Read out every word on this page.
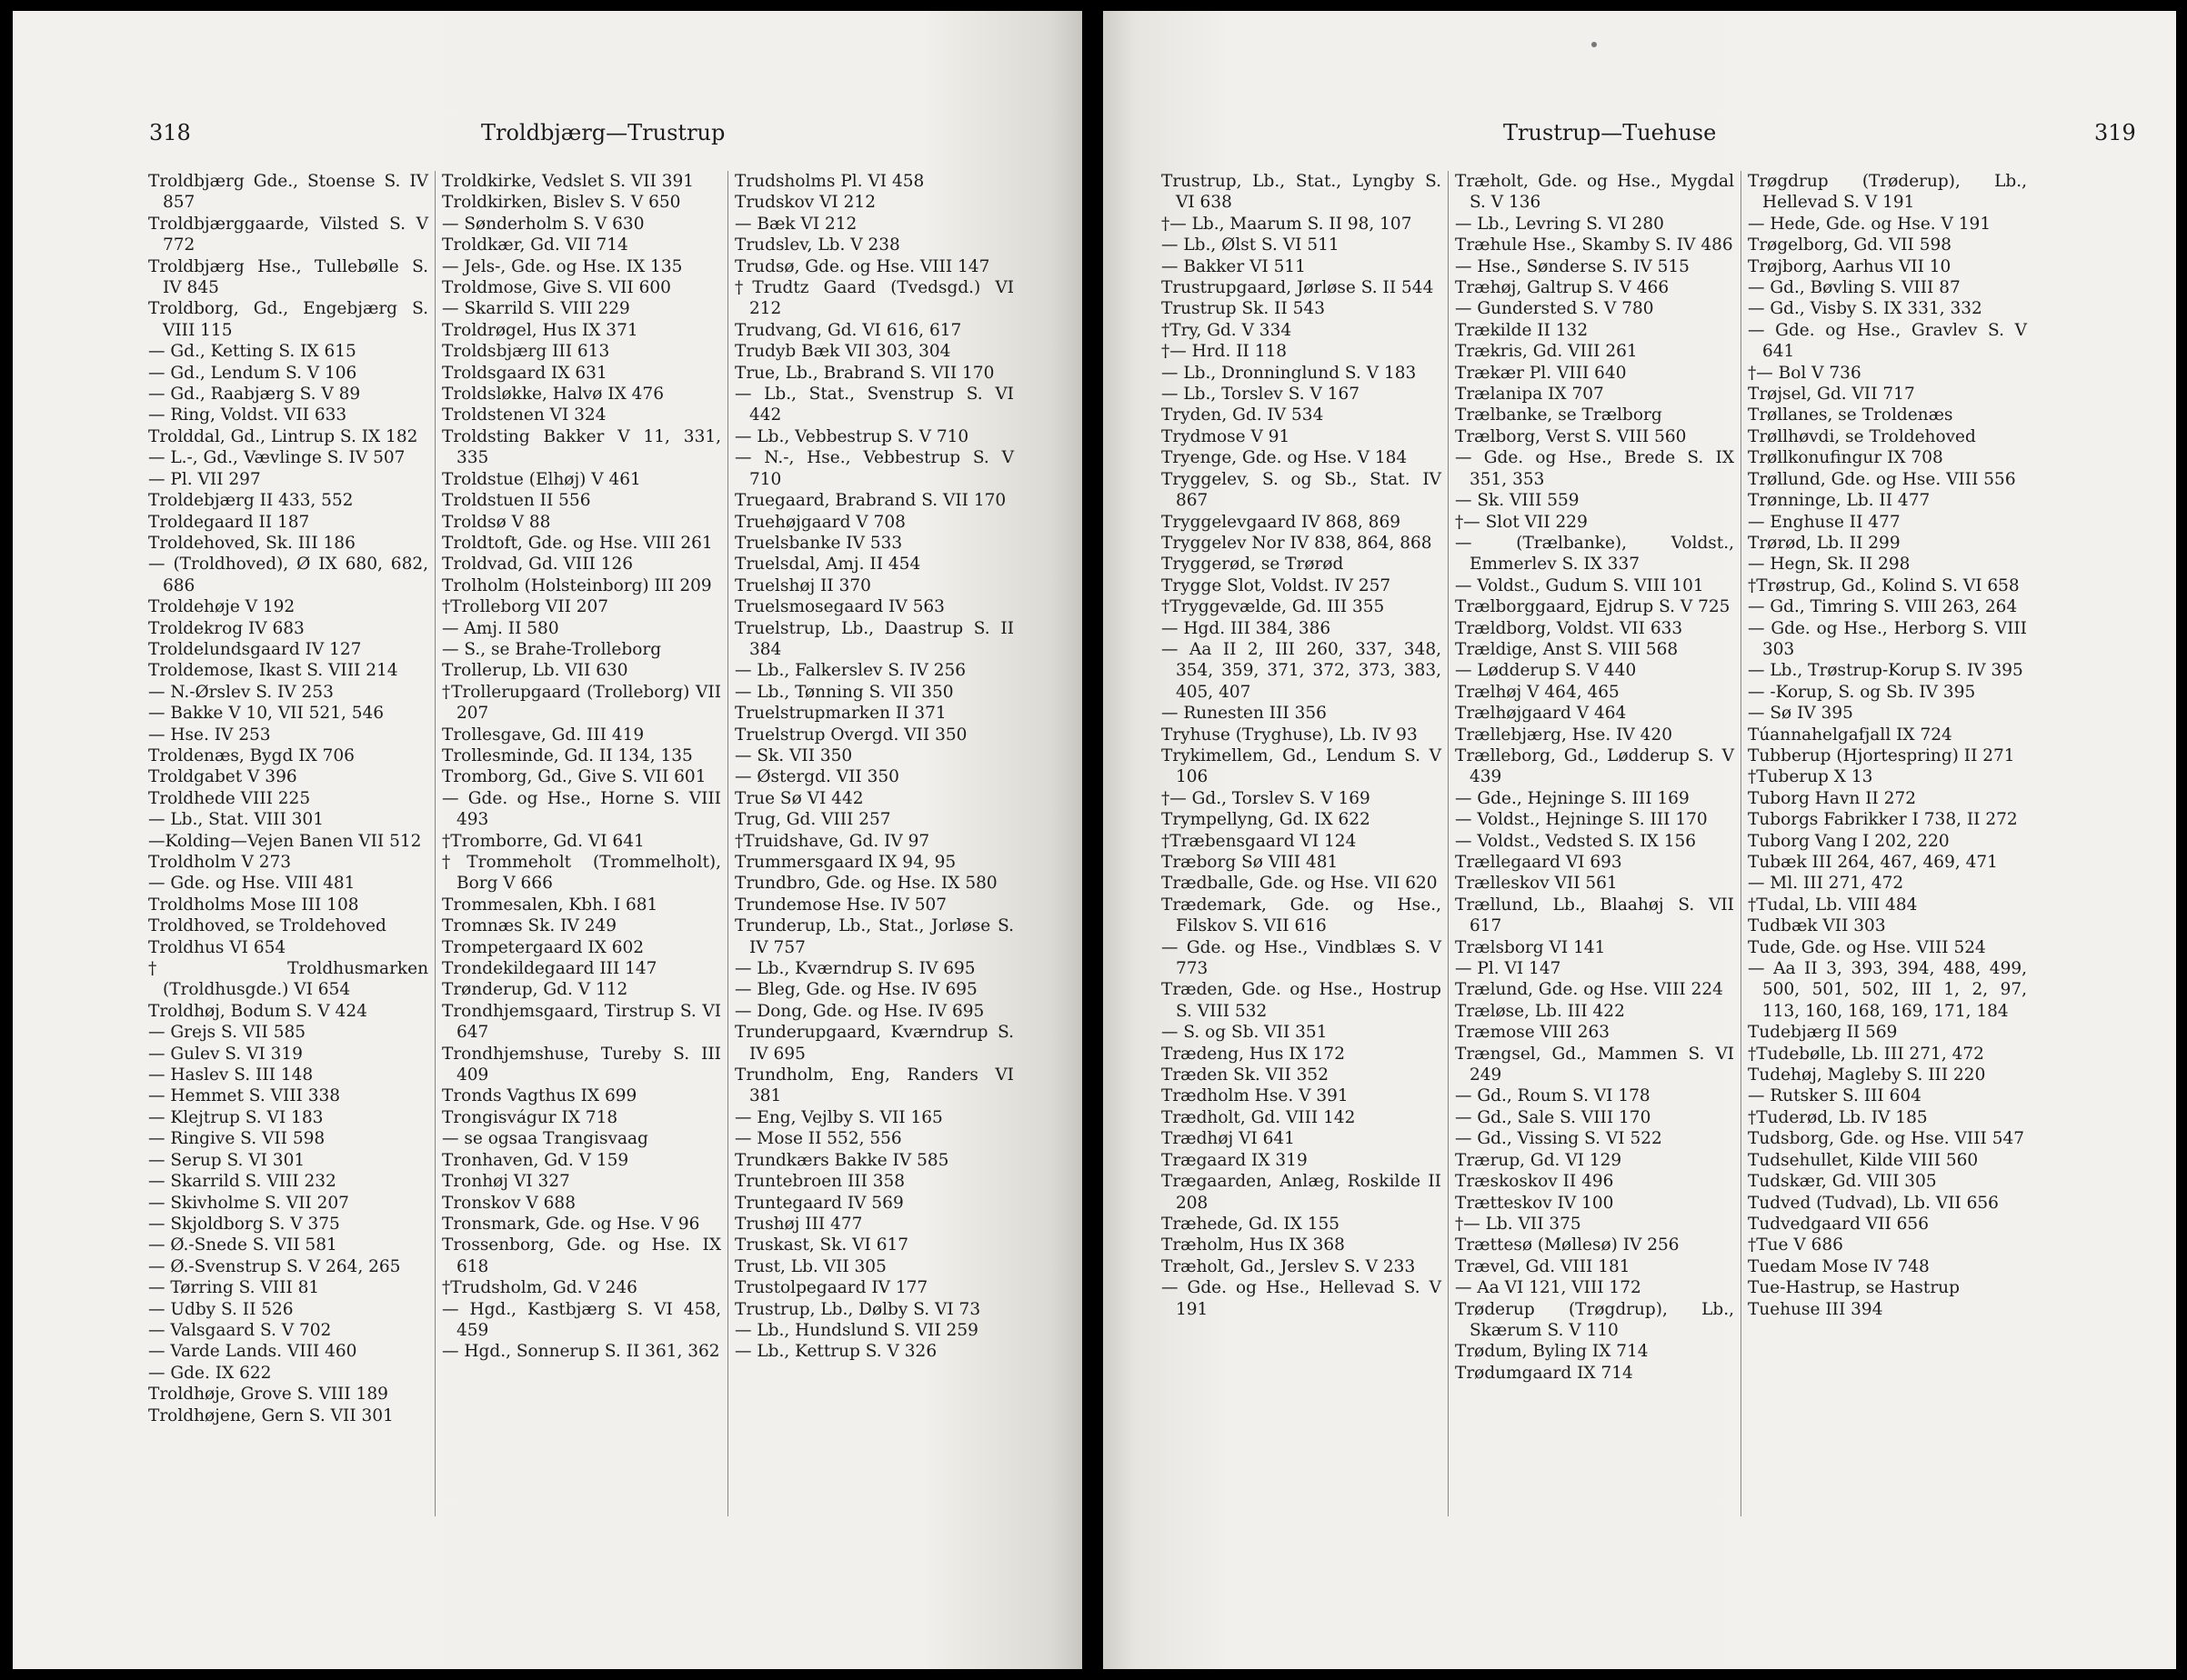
318	Troldbjærg—Trustrup

Troldbjærg Gde., Stoense S. IV 857

Troldbjærggaarde, Vilsted S. V 772

Troldbjærg Hse., Tullebølle S. IV 845

Troldborg, Gd., Engebjærg S. VIII 115

— Gd., Ketting S. IX 615

— Gd., Lendum S. V 106

— Gd., Raabjærg S. V 89

— Ring, Voldst. VII 633

Trolddal, Gd., Lintrup S. IX 182

— L.-, Gd., Vævlinge S. IV 507

— Pl. VII 297

Troldebjærg II 433, 552

Troldegaard II 187

Troldehoved, Sk. III 186

— (Troldhoved), Ø IX 680, 682, 686

Troldehøje V 192

Troldekrog IV 683

Troldelundsgaard IV 127

Troldemose, Ikast S. VIII 214

— N.-Ørslev S. IV 253

— Bakke V 10, VII 521, 546

— Hse. IV 253

Troldenæs, Bygd IX 706

Troldgabet V 396

Troldhede VIII 225

— Lb., Stat. VIII 301

—Kolding—Vejen Banen VII 512

Troldholm V 273

— Gde. og Hse. VIII 481

Troldholms Mose III 108

Troldhoved, se Troldehoved

Troldhus VI 654

†Troldhusmarken (Troldhusgde.) VI 654

Troldhøj, Bodum S. V 424

— Grejs S. VII 585

— Gulev S. VI 319

— Haslev S. III 148

— Hemmet S. VIII 338

— Klejtrup S. VI 183

— Ringive S. VII 598

— Serup S. VI 301

— Skarrild S. VIII 232

— Skivholme S. VII 207

— Skjoldborg S. V 375

— Ø.-Snede S. VII 581

— Ø.-Svenstrup S. V 264, 265

— Tørring S. VIII 81

— Udby S. II 526

— Valsgaard S. V 702

— Varde Lands. VIII 460

— Gde. IX 622

Troldhøje, Grove S. VIII 189

Troldhøjene, Gern S. VII 301

Troldkirke, Vedslet S. VII 391

Troldkirken, Bislev S. V 650

— Sønderholm S. V 630

Troldkær, Gd. VII 714

— Jels-, Gde. og Hse. IX 135

Troldmose, Give S. VII 600

— Skarrild S. VIII 229

Troldrøgel, Hus IX 371

Troldsbjærg III 613

Troldsgaard IX 631

Troldsløkke, Halvø IX 476

Troldstenen VI 324

Troldsting Bakker V 11, 331, 335

Troldstue (Elhøj) V 461

Troldstuen II 556

Troldsø V 88

Troldtoft, Gde. og Hse. VIII 261

Troldvad, Gd. VIII 126

Trolholm (Holsteinborg) III 209

†Trolleborg VII 207

— Amj. II 580

— S., se Brahe-Trolleborg

Trollerup, Lb. VII 630

†Trollerupgaard (Trolleborg) VII 207

Trollesgave, Gd. III 419

Trollesminde, Gd. II 134, 135

Tromborg, Gd., Give S. VII 601

— Gde. og Hse., Horne S. VIII 493

†Tromborre, Gd. VI 641

†Trommeholt (Trommelholt), Borg V 666

Trommesalen, Kbh. I 681

Tromnæs Sk. IV 249

Trompetergaard IX 602

Trondekildegaard III 147

Trønderup, Gd. V 112

Trondhjemsgaard, Tirstrup S. VI 647

Trondhjemshuse, Tureby S. III 409

Tronds Vagthus IX 699

Trongisvágur IX 718

— se ogsaa Trangisvaag

Tronhaven, Gd. V 159

Tronhøj VI 327

Tronskov V 688

Tronsmark, Gde. og Hse. V 96

Trossenborg, Gde. og Hse. IX 618

†Trudsholm, Gd. V 246

— Hgd., Kastbjærg S. VI 458, 459

— Hgd., Sonnerup S. II 361, 362

Trudsholms Pl. VI 458

Trudskov VI 212

— Bæk VI 212

Trudslev, Lb. V 238

Trudsø, Gde. og Hse. VIII 147

†Trudtz Gaard (Tvedsgd.) VI 212

Trudvang, Gd. VI 616, 617

Trudyb Bæk VII 303, 304

True, Lb., Brabrand S. VII 170

— Lb., Stat., Svenstrup S. VI 442

— Lb., Vebbestrup S. V 710

— N.-, Hse., Vebbestrup S. V 710

Truegaard, Brabrand S. VII 170

Truehøjgaard V 708

Truelsbanke IV 533

Truelsdal, Amj. II 454

Truelshøj II 370

Truelsmosegaard IV 563

Truelstrup, Lb., Daastrup S. II 384

— Lb., Falkerslev S. IV 256

— Lb., Tønning S. VII 350

Truelstrupmarken II 371

Truelstrup Overgd. VII 350

— Sk. VII 350

— Østergd. VII 350

True Sø VI 442

Trug, Gd. VIII 257

†Truidshave, Gd. IV 97

Trummersgaard IX 94, 95

Trundbro, Gde. og Hse. IX 580

Trundemose Hse. IV 507

Trunderup, Lb., Stat., Jorløse S. IV 757

— Lb., Kværndrup S. IV 695

— Bleg, Gde. og Hse. IV 695

— Dong, Gde. og Hse. IV 695

Trunderupgaard, Kværndrup S. IV 695

Trundholm, Eng, Randers VI 381

— Eng, Vejlby S. VII 165

— Mose II 552, 556

Trundkærs Bakke IV 585

Truntebroen III 358

Truntegaard IV 569

Trushøj III 477

Truskast, Sk. VI 617

Trust, Lb. VII 305

Trustolpegaard IV 177

Trustrup, Lb., Dølby S. VI 73

— Lb., Hundslund S. VII 259

— Lb., Kettrup S. V 326

Trustrup—Tuehuse	319

Trustrup, Lb., Stat., Lyngby S. VI 638

†— Lb., Maarum S. II 98, 107

— Lb., Ølst S. VI 511

— Bakker VI 511

Trustrupgaard, Jørløse S. II 544

Trustrup Sk. II 543

†Try, Gd. V 334

†— Hrd. II 118

— Lb., Dronninglund S. V 183

— Lb., Torslev S. V 167

Tryden, Gd. IV 534

Trydmose V 91

Tryenge, Gde. og Hse. V 184

Tryggelev, S. og Sb., Stat. IV 867

Tryggelevgaard IV 868, 869

Tryggelev Nor IV 838, 864, 868

Tryggerød, se Trørød

Trygge Slot, Voldst. IV 257

†Tryggevælde, Gd. III 355

— Hgd. III 384, 386

— Aa II 2, III 260, 337, 348, 354, 359, 371, 372, 373, 383, 405, 407

— Runesten III 356

Tryhuse (Tryghuse), Lb. IV 93

Trykimellem, Gd., Lendum S. V 106

†— Gd., Torslev S. V 169

Trympellyng, Gd. IX 622

†Træbensgaard VI 124

Træborg Sø VIII 481

Trædballe, Gde. og Hse. VII 620

Trædemark, Gde. og Hse., Filskov S. VII 616

— Gde. og Hse., Vindblæs S. V 773

Træden, Gde. og Hse., Hostrup S. VIII 532

— S. og Sb. VII 351

Trædeng, Hus IX 172

Træden Sk. VII 352

Trædholm Hse. V 391

Trædholt, Gd. VIII 142

Trædhøj VI 641

Trægaard IX 319

Trægaarden, Anlæg, Roskilde II 208

Træhede, Gd. IX 155

Træholm, Hus IX 368

Træholt, Gd., Jerslev S. V 233

— Gde. og Hse., Hellevad S. V 191

Træholt, Gde. og Hse., Mygdal S. V 136

— Lb., Levring S. VI 280

Træhule Hse., Skamby S. IV 486

— Hse., Sønderse S. IV 515

Træhøj, Galtrup S. V 466

— Gundersted S. V 780

Trækilde II 132

Trækris, Gd. VIII 261

Trækær Pl. VIII 640

Trælanipa IX 707

Trælbanke, se Trælborg

Trælborg, Verst S. VIII 560

— Gde. og Hse., Brede S. IX 351, 353

— Sk. VIII 559

†— Slot VII 229

— (Trælbanke), Voldst., Emmerlev S. IX 337

— Voldst., Gudum S. VIII 101

Trælborggaard, Ejdrup S. V 725

Trældborg, Voldst. VII 633

Trældige, Anst S. VIII 568

— Lødderup S. V 440

Trælhøj V 464, 465

Trælhøjgaard V 464

Trællebjærg, Hse. IV 420

Trælleborg, Gd., Lødderup S. V 439

— Gde., Hejninge S. III 169

— Voldst., Hejninge S. III 170

— Voldst., Vedsted S. IX 156

Trællegaard VI 693

Trælleskov VII 561

Trællund, Lb., Blaahøj S. VII 617

Trælsborg VI 141

— Pl. VI 147

Trælund, Gde. og Hse. VIII 224

Træløse, Lb. III 422

Træmose VIII 263

Trængsel, Gd., Mammen S. VI 249

— Gd., Roum S. VI 178

— Gd., Sale S. VIII 170

— Gd., Vissing S. VI 522

Trærup, Gd. VI 129

Træskoskov II 496

Trætteskov IV 100

†— Lb. VII 375

Trættesø (Møllesø) IV 256

Trævel, Gd. VIII 181

— Aa VI 121, VIII 172

Trøderup (Trøgdrup), Lb., Skærum S. V 110

Trødum, Byling IX 714

Trødumgaard IX 714

Trøgdrup (Trøderup), Lb., Hellevad S. V 191

— Hede, Gde. og Hse. V 191

Trøgelborg, Gd. VII 598

Trøjborg, Aarhus VII 10

— Gd., Bøvling S. VIII 87

— Gd., Visby S. IX 331, 332

— Gde. og Hse., Gravlev S. V 641

†— Bol V 736

Trøjsel, Gd. VII 717

Trøllanes, se Troldenæs

Trøllhøvdi, se Troldehoved

Trøllkonufingur IX 708

Trøllund, Gde. og Hse. VIII 556

Trønninge, Lb. II 477

— Enghuse II 477

Trørød, Lb. II 299

— Hegn, Sk. II 298

†Trøstrup, Gd., Kolind S. VI 658

— Gd., Timring S. VIII 263, 264

— Gde. og Hse., Herborg S. VIII 303

— Lb., Trøstrup-Korup S. IV 395

— -Korup, S. og Sb. IV 395

— Sø IV 395

Túannahelgafjall IX 724

Tubberup (Hjortespring) II 271

†Tuberup X 13

Tuborg Havn II 272

Tuborgs Fabrikker I 738, II 272

Tuborg Vang I 202, 220

Tubæk III 264, 467, 469, 471

— Ml. III 271, 472

†Tudal, Lb. VIII 484

Tudbæk VII 303

Tude, Gde. og Hse. VIII 524

— Aa II 3, 393, 394, 488, 499, 500, 501, 502, III 1, 2, 97, 113, 160, 168, 169, 171, 184

Tudebjærg II 569

†Tudebølle, Lb. III 271, 472

Tudehøj, Magleby S. III 220

— Rutsker S. III 604

†Tuderød, Lb. IV 185

Tudsborg, Gde. og Hse. VIII 547

Tudsehullet, Kilde VIII 560

Tudskær, Gd. VIII 305

Tudved (Tudvad), Lb. VII 656

Tudvedgaard VII 656

†Tue V 686

Tuedam Mose IV 748

Tue-Hastrup, se Hastrup

Tuehuse III 394
